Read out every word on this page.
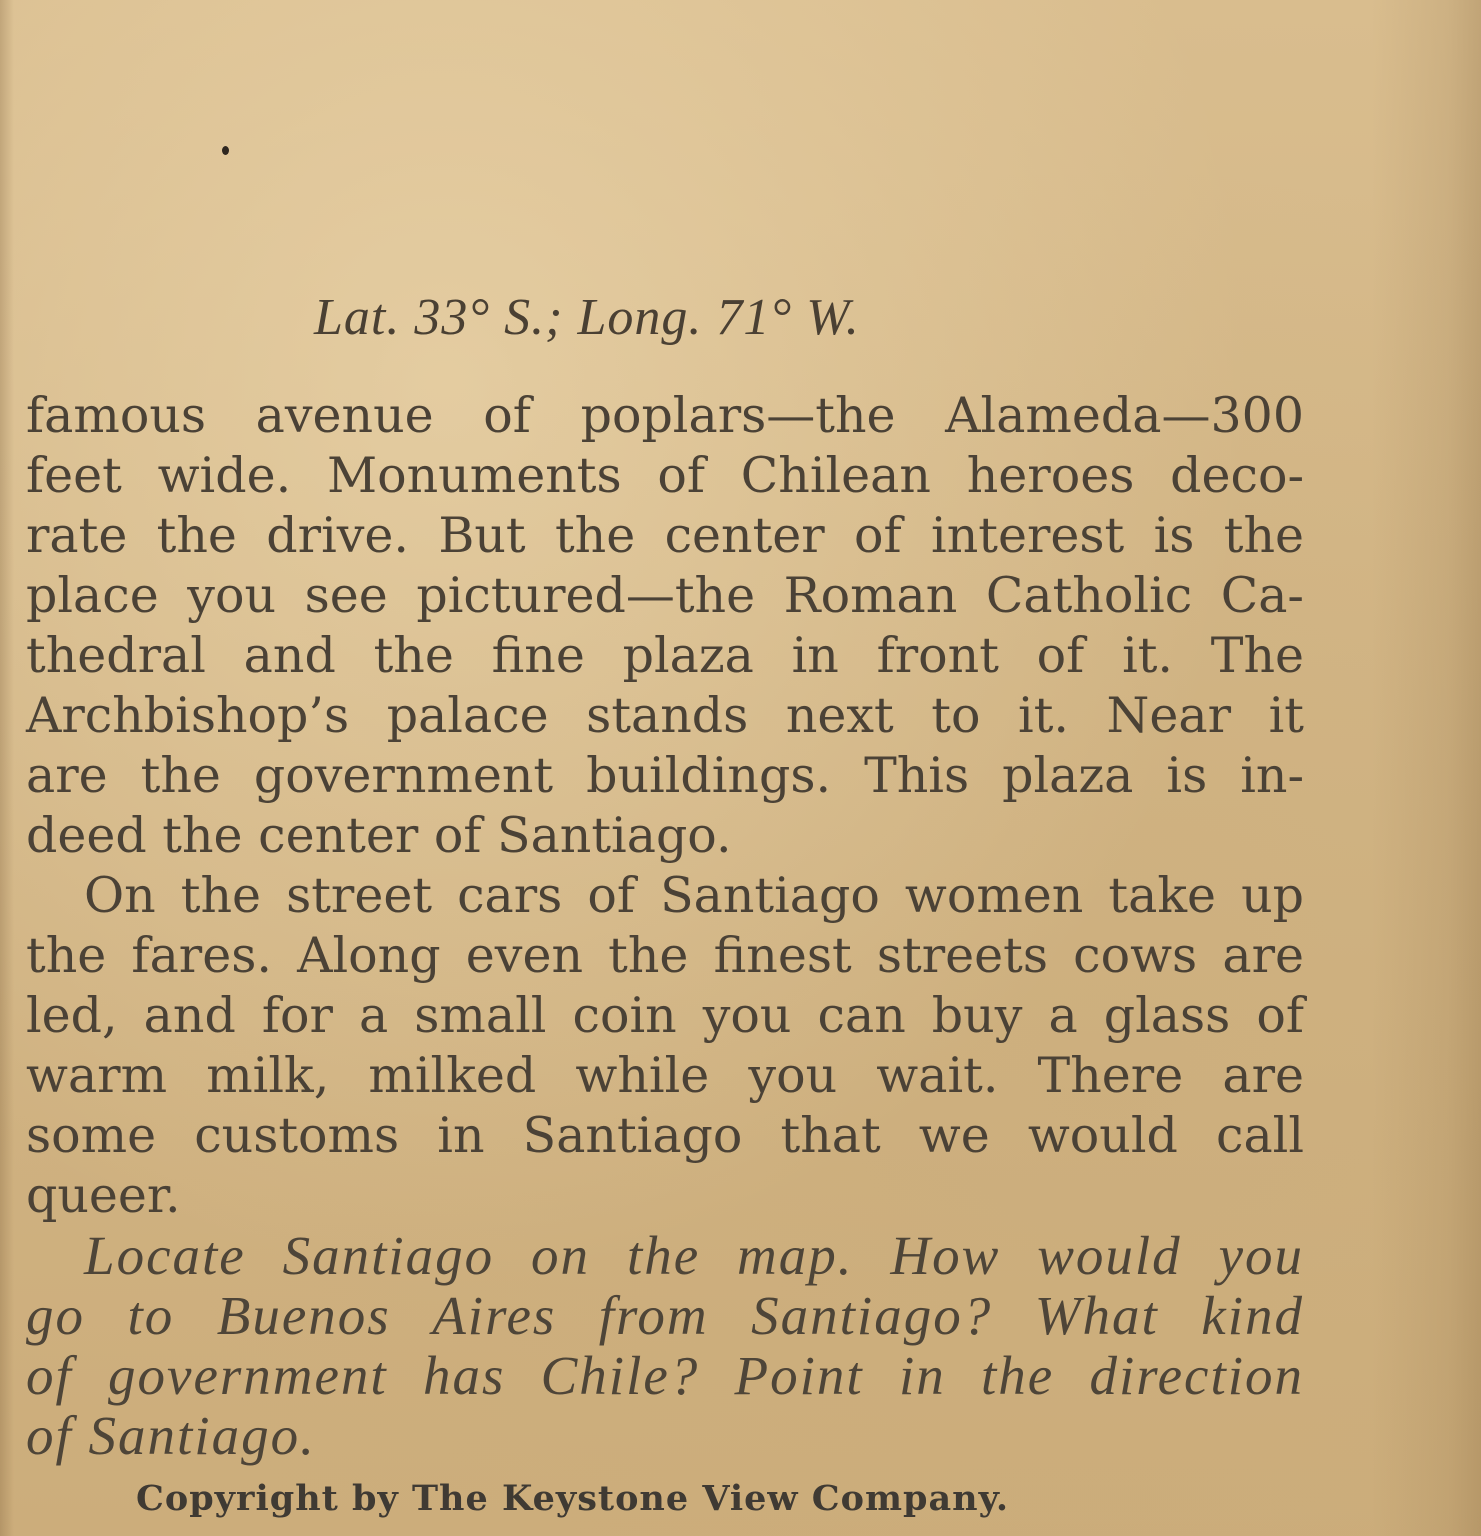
Lat. 33° S.; Long. 71° W.
famous avenue of poplars—the Alameda—300
feet wide. Monuments of Chilean heroes deco-
rate the drive. But the center of interest is the
place you see pictured—the Roman Catholic Ca-
thedral and the fine plaza in front of it. The
Archbishop’s palace stands next to it. Near it
are the government buildings. This plaza is in-
deed the center of Santiago.
On the street cars of Santiago women take up
the fares. Along even the finest streets cows are
led, and for a small coin you can buy a glass of
warm milk, milked while you wait. There are
some customs in Santiago that we would call
queer.
Locate Santiago on the map. How would you
go to Buenos Aires from Santiago? What kind
of government has Chile? Point in the direction
of Santiago.
Copyright by The Keystone View Company.
